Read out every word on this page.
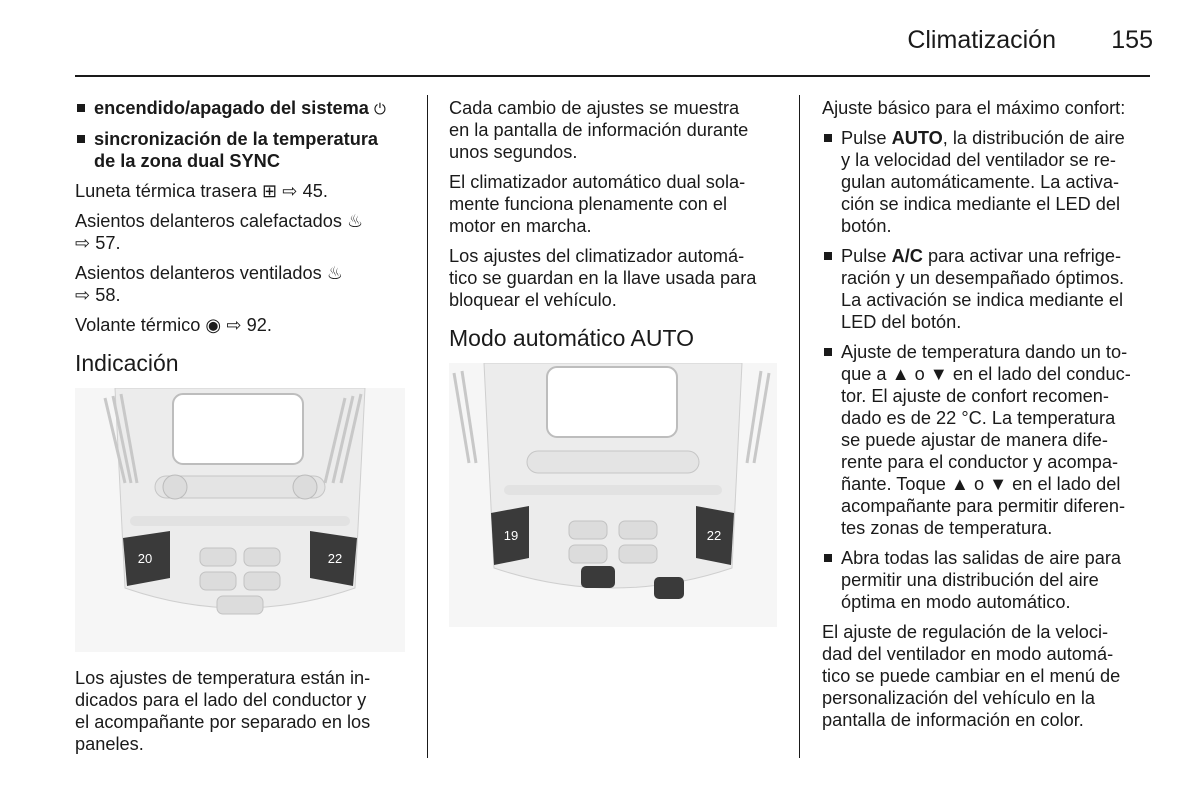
Climatización	155
encendido/apagado del sistema ⏻
sincronización de la temperatura
de la zona dual SYNC

Luneta térmica trasera ⊞ ⇨ 45.

Asientos delanteros calefactados ♨
⇨ 57.

Asientos delanteros ventilados ♨
⇨ 58.

Volante térmico ◉ ⇨ 92.

Indicación
20	22
Los ajustes de temperatura están in-
dicados para el lado del conductor y
el acompañante por separado en los
paneles.

Cada cambio de ajustes se muestra
en la pantalla de información durante
unos segundos.

El climatizador automático dual sola-
mente funciona plenamente con el
motor en marcha.

Los ajustes del climatizador automá-
tico se guardan en la llave usada para
bloquear el vehículo.

Modo automático AUTO
19	22

Ajuste básico para el máximo confort:

Pulse AUTO, la distribución de aire
y la velocidad del ventilador se re-
gulan automáticamente. La activa-
ción se indica mediante el LED del
botón.
Pulse A/C para activar una refrige-
ración y un desempañado óptimos.
La activación se indica mediante el
LED del botón.
Ajuste de temperatura dando un to-
que a ▲ o ▼ en el lado del conduc-
tor. El ajuste de confort recomen-
dado es de 22 °C. La temperatura
se puede ajustar de manera dife-
rente para el conductor y acompa-
ñante. Toque ▲ o ▼ en el lado del
acompañante para permitir diferen-
tes zonas de temperatura.
Abra todas las salidas de aire para
permitir una distribución del aire
óptima en modo automático.

El ajuste de regulación de la veloci-
dad del ventilador en modo automá-
tico se puede cambiar en el menú de
personalización del vehículo en la
pantalla de información en color.
